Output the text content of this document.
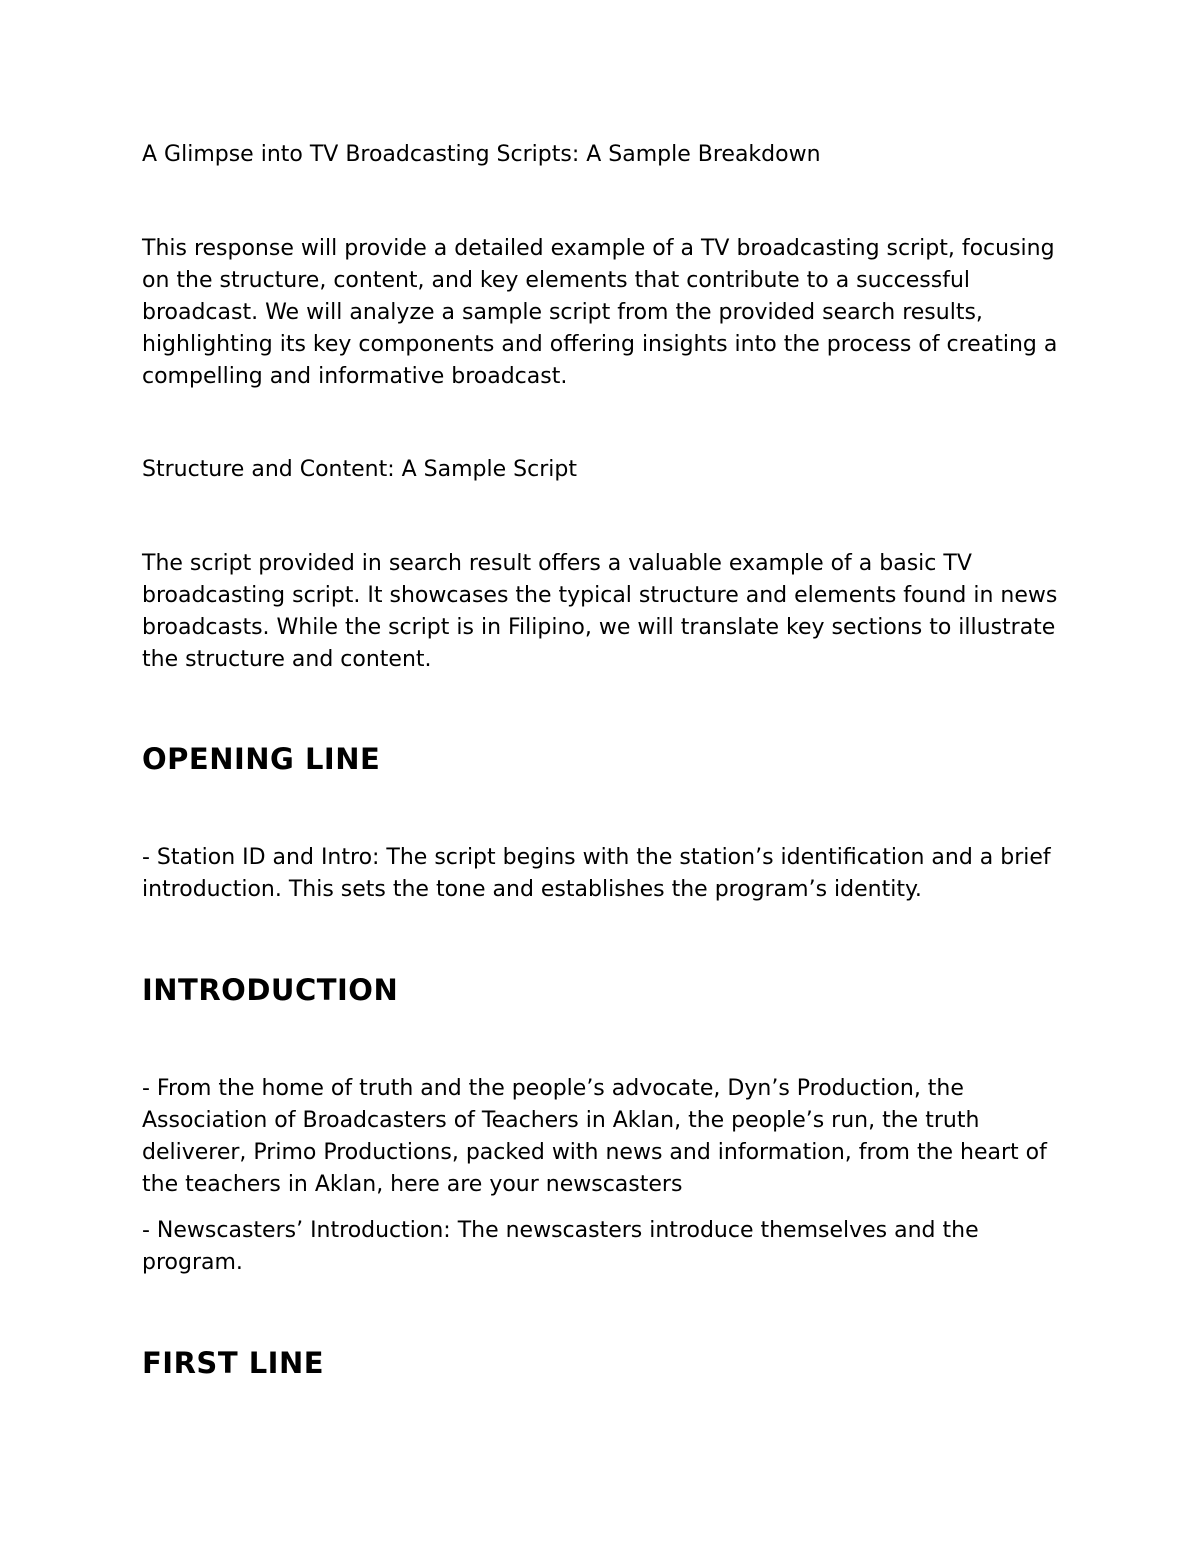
A Glimpse into TV Broadcasting Scripts: A Sample Breakdown

This response will provide a detailed example of a TV broadcasting script, focusing on the structure, content, and key elements that contribute to a successful broadcast. We will analyze a sample script from the provided search results, highlighting its key components and offering insights into the process of creating a compelling and informative broadcast.

Structure and Content: A Sample Script

The script provided in search result offers a valuable example of a basic TV broadcasting script. It showcases the typical structure and elements found in news broadcasts. While the script is in Filipino, we will translate key sections to illustrate the structure and content.

OPENING LINE

- Station ID and Intro: The script begins with the station’s identification and a brief introduction. This sets the tone and establishes the program’s identity.

INTRODUCTION

- From the home of truth and the people’s advocate, Dyn’s Production, the Association of Broadcasters of Teachers in Aklan, the people’s run, the truth deliverer, Primo Productions, packed with news and information, from the heart of the teachers in Aklan, here are your newscasters

- Newscasters’ Introduction: The newscasters introduce themselves and the program.

FIRST LINE
